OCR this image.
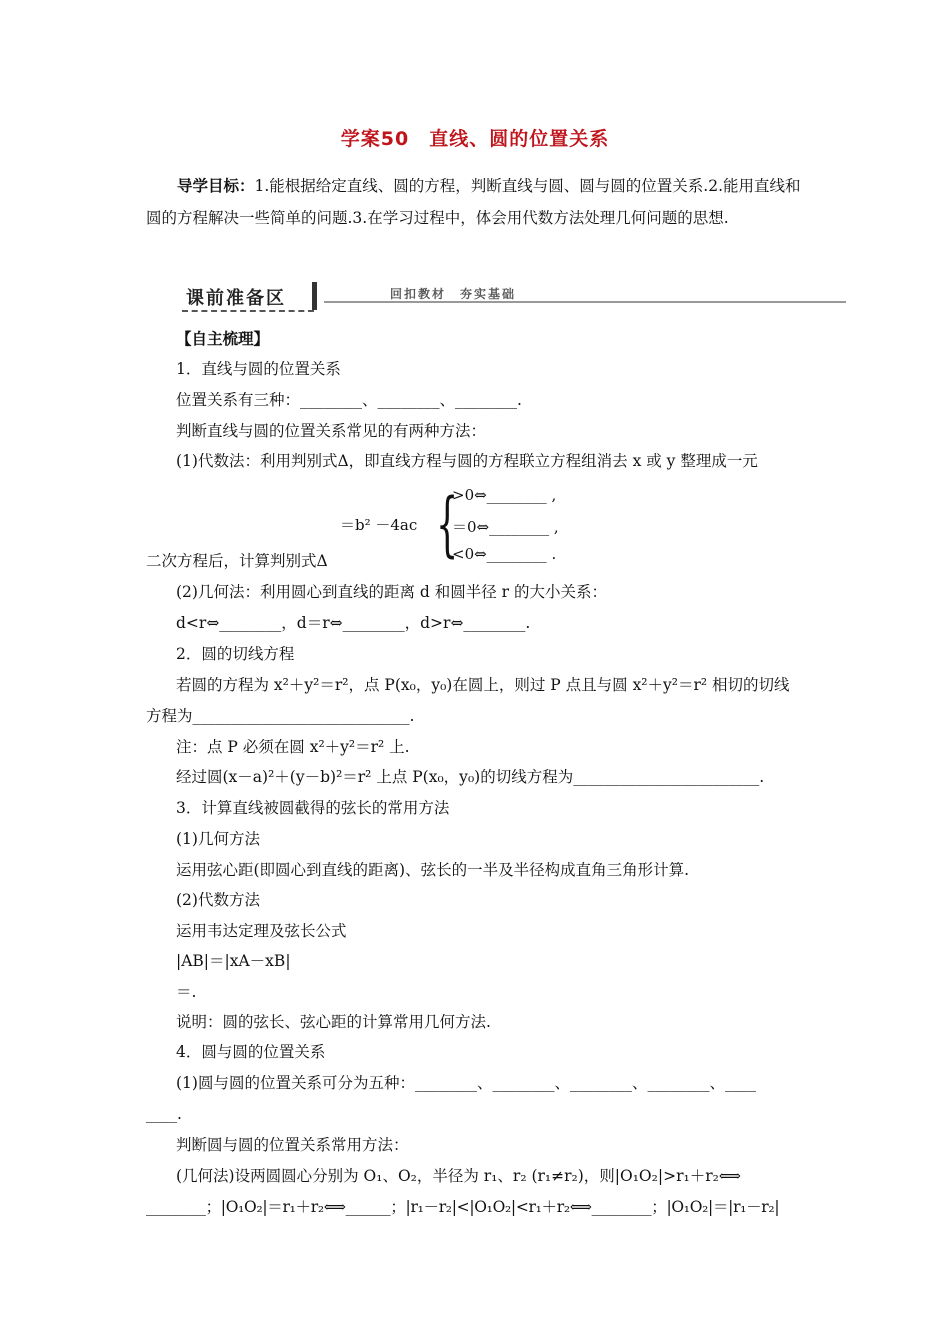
学案50　直线、圆的位置关系
导学目标：1.能根据给定直线、圆的方程，判断直线与圆、圆与圆的位置关系.2.能用直线和圆的方程解决一些简单的问题.3.在学习过程中，体会用代数方法处理几何问题的思想.
课前准备区	回扣教材　夯实基础
【自主梳理】
1．直线与圆的位置关系
位置关系有三种：________、________、________.
判断直线与圆的位置关系常见的有两种方法：
(1)代数法：利用判别式Δ，即直线方程与圆的方程联立方程组消去 x 或 y 整理成一元
＝b² －4ac {
>0⇔________ ,
＝0⇔________ ,
<0⇔________ .
二次方程后，计算判别式Δ
(2)几何法：利用圆心到直线的距离 d 和圆半径 r 的大小关系：
d<r⇔________，d＝r⇔________，d>r⇔________.
2．圆的切线方程
若圆的方程为 x²＋y²＝r²，点 P(x₀，y₀)在圆上，则过 P 点且与圆 x²＋y²＝r² 相切的切线
方程为____________________________.
注：点 P 必须在圆 x²＋y²＝r² 上.
经过圆(x－a)²＋(y－b)²＝r² 上点 P(x₀，y₀)的切线方程为________________________.
3．计算直线被圆截得的弦长的常用方法
(1)几何方法
运用弦心距(即圆心到直线的距离)、弦长的一半及半径构成直角三角形计算.
(2)代数方法
运用韦达定理及弦长公式
|AB|＝|xA－xB|
＝.
说明：圆的弦长、弦心距的计算常用几何方法.
4．圆与圆的位置关系
(1)圆与圆的位置关系可分为五种：________、________、________、________、____
____.
判断圆与圆的位置关系常用方法：
(几何法)设两圆圆心分别为 O₁、O₂，半径为 r₁、r₂ (r₁≠r₂)，则|O₁O₂|>r₁＋r₂⟺
________；|O₁O₂|＝r₁＋r₂⟺______；|r₁－r₂|<|O₁O₂|<r₁＋r₂⟺________；|O₁O₂|＝|r₁－r₂|
